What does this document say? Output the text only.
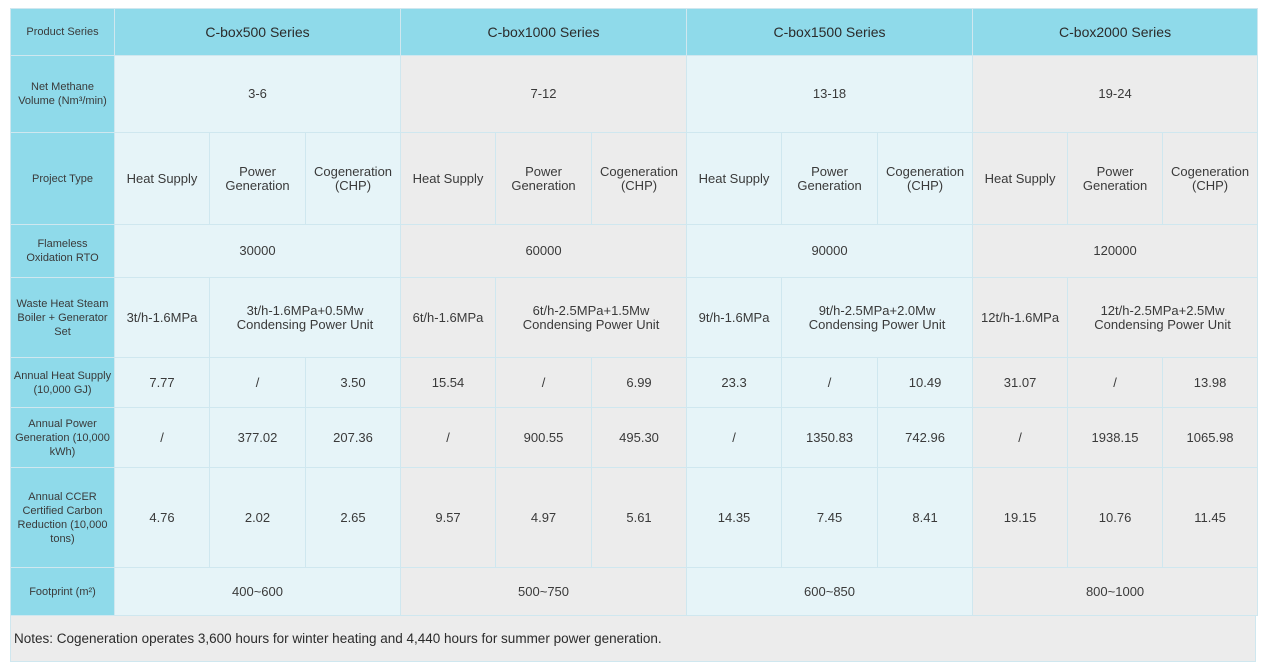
Product Series	C-box500 Series			C-box1000 Series			C-box1500 Series			C-box2000 Series		
Net Methane Volume (Nm³/min)	3-6			7-12			13-18			19-24		
Project Type	Heat Supply	Power Generation	Cogeneration (CHP)	Heat Supply	Power Generation	Cogeneration (CHP)	Heat Supply	Power Generation	Cogeneration (CHP)	Heat Supply	Power Generation	Cogeneration (CHP)
Flameless Oxidation RTO	30000			60000			90000			120000		
Waste Heat Steam Boiler + Generator Set	3t/h-1.6MPa	3t/h-1.6MPa+0.5Mw Condensing Power Unit		6t/h-1.6MPa	6t/h-2.5MPa+1.5Mw Condensing Power Unit		9t/h-1.6MPa	9t/h-2.5MPa+2.0Mw Condensing Power Unit		12t/h-1.6MPa	12t/h-2.5MPa+2.5Mw Condensing Power Unit	
Annual Heat Supply (10,000 GJ)	7.77	/	3.50	15.54	/	6.99	23.3	/	10.49	31.07	/	13.98
Annual Power Generation (10,000 kWh)	/	377.02	207.36	/	900.55	495.30	/	1350.83	742.96	/	1938.15	1065.98
Annual CCER Certified Carbon Reduction (10,000 tons)	4.76	2.02	2.65	9.57	4.97	5.61	14.35	7.45	8.41	19.15	10.76	11.45
Footprint (m²)	400~600			500~750			600~850			800~1000		
Notes: Cogeneration operates 3,600 hours for winter heating and 4,440 hours for summer power generation.
